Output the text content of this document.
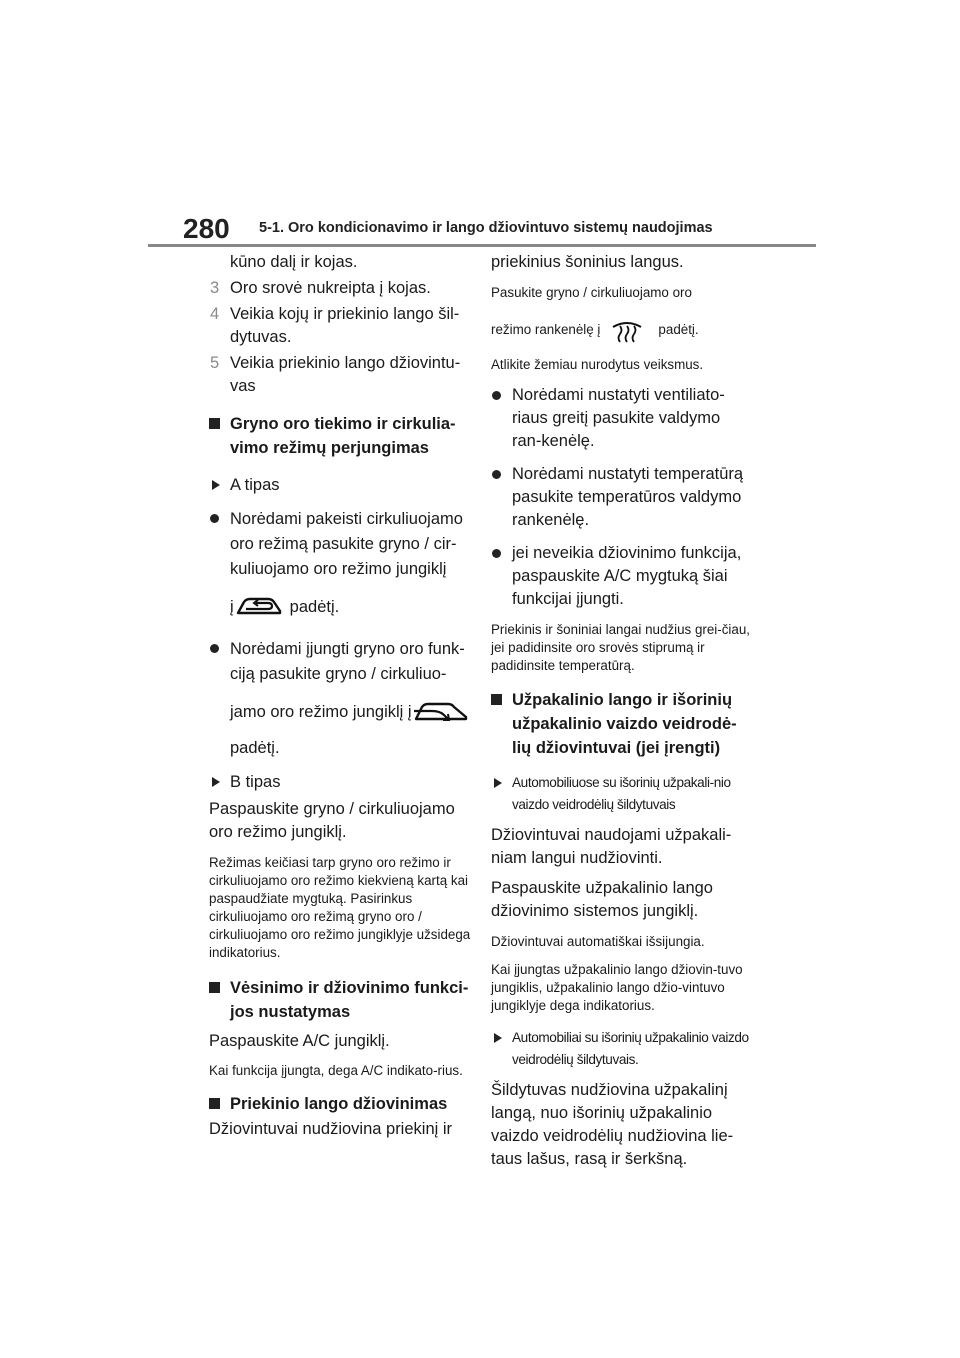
280 5-1. Oro kondicionavimo ir lango džiovintuvo sistemų naudojimas

kūno dalį ir kojas.

3 Oro srovė nukreipta į kojas.
4 Veikia kojų ir priekinio lango šil-dytuvas.
5 Veikia priekinio lango džiovintu-vas
Gryno oro tiekimo ir cirkulia-vimo režimų perjungimas
A tipas
Norėdami pakeisti cirkuliuojamo
oro režimą pasukite gryno / cir-
kuliuojamo oro režimo jungiklį
į	padėtį.
Norėdami įjungti gryno oro funk-
ciją pasukite gryno / cirkuliuo-
jamo oro režimo jungiklį į
padėtį.
B tipas

Paspauskite gryno / cirkuliuojamo oro režimo jungiklį.

Režimas keičiasi tarp gryno oro režimo ir cirkuliuojamo oro režimo kiekvieną kartą kai paspaudžiate mygtuką. Pasirinkus cirkuliuojamo oro režimą gryno oro / cirkuliuojamo oro režimo jungiklyje užsidega indikatorius.

Vėsinimo ir džiovinimo funkci-jos nustatymas

Paspauskite A/C jungiklį.

Kai funkcija įjungta, dega A/C indikato-rius.

Priekinio lango džiovinimas

Džiovintuvai nudžiovina priekinį ir

priekinius šoninius langus.

Pasukite gryno / cirkuliuojamo oro

režimo rankenėlę į	padėtį.

Atlikite žemiau nurodytus veiksmus.

Norėdami nustatyti ventiliato-riaus greitį pasukite valdymo ran-kenėlę.
Norėdami nustatyti temperatūrą pasukite temperatūros valdymo rankenėlę.
jei neveikia džiovinimo funkcija, paspauskite A/C mygtuką šiai funkcijai įjungti.

Priekinis ir šoniniai langai nudžius grei-čiau, jei padidinsite oro srovės stiprumą ir padidinsite temperatūrą.

Užpakalinio lango ir išorinių užpakalinio vaizdo veidrodė-lių džiovintuvai (jei įrengti)
Automobiliuose su išorinių užpakali-nio vaizdo veidrodėlių šildytuvais

Džiovintuvai naudojami užpakali-niam langui nudžiovinti.

Paspauskite užpakalinio lango džiovinimo sistemos jungiklį.

Džiovintuvai automatiškai išsijungia.

Kai įjungtas užpakalinio lango džiovin-tuvo jungiklis, užpakalinio lango džio-vintuvo jungiklyje dega indikatorius.

Automobiliai su išorinių užpakalinio vaizdo veidrodėlių šildytuvais.

Šildytuvas nudžiovina užpakalinį langą, nuo išorinių užpakalinio vaizdo veidrodėlių nudžiovina lie-taus lašus, rasą ir šerkšną.
